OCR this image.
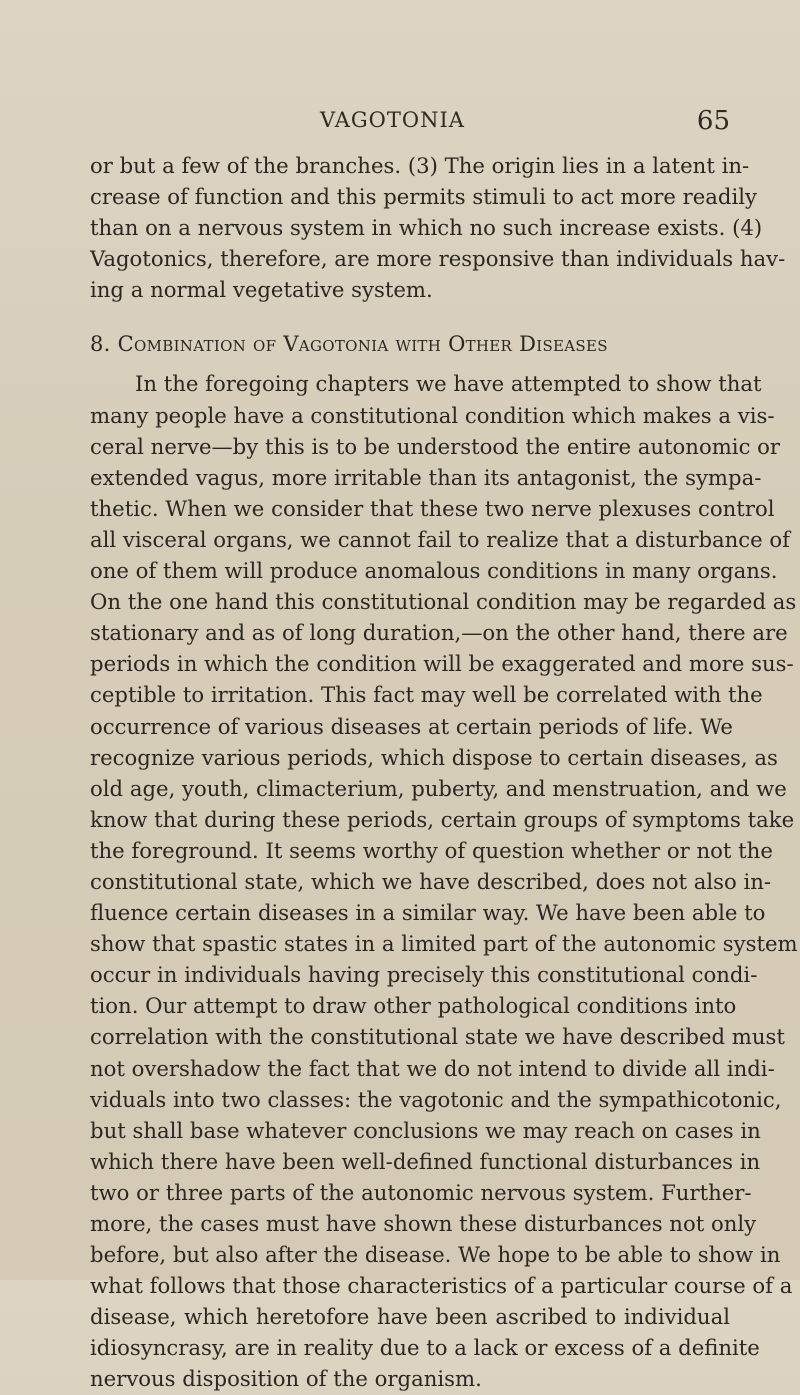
VAGOTONIA	65
or but a few of the branches. (3) The origin lies in a latent in-
crease of function and this permits stimuli to act more readily
than on a nervous system in which no such increase exists. (4)
Vagotonics, therefore, are more responsive than individuals hav-
ing a normal vegetative system.
8. Combination of Vagotonia with Other Diseases
In the foregoing chapters we have attempted to show that
many people have a constitutional condition which makes a vis-
ceral nerve—by this is to be understood the entire autonomic or
extended vagus, more irritable than its antagonist, the sympa-
thetic. When we consider that these two nerve plexuses control
all visceral organs, we cannot fail to realize that a disturbance of
one of them will produce anomalous conditions in many organs.
On the one hand this constitutional condition may be regarded as
stationary and as of long duration,—on the other hand, there are
periods in which the condition will be exaggerated and more sus-
ceptible to irritation. This fact may well be correlated with the
occurrence of various diseases at certain periods of life. We
recognize various periods, which dispose to certain diseases, as
old age, youth, climacterium, puberty, and menstruation, and we
know that during these periods, certain groups of symptoms take
the foreground. It seems worthy of question whether or not the
constitutional state, which we have described, does not also in-
fluence certain diseases in a similar way. We have been able to
show that spastic states in a limited part of the autonomic system
occur in individuals having precisely this constitutional condi-
tion. Our attempt to draw other pathological conditions into
correlation with the constitutional state we have described must
not overshadow the fact that we do not intend to divide all indi-
viduals into two classes: the vagotonic and the sympathicotonic,
but shall base whatever conclusions we may reach on cases in
which there have been well-defined functional disturbances in
two or three parts of the autonomic nervous system. Further-
more, the cases must have shown these disturbances not only
before, but also after the disease. We hope to be able to show in
what follows that those characteristics of a particular course of a
disease, which heretofore have been ascribed to individual
idiosyncrasy, are in reality due to a lack or excess of a definite
nervous disposition of the organism.
